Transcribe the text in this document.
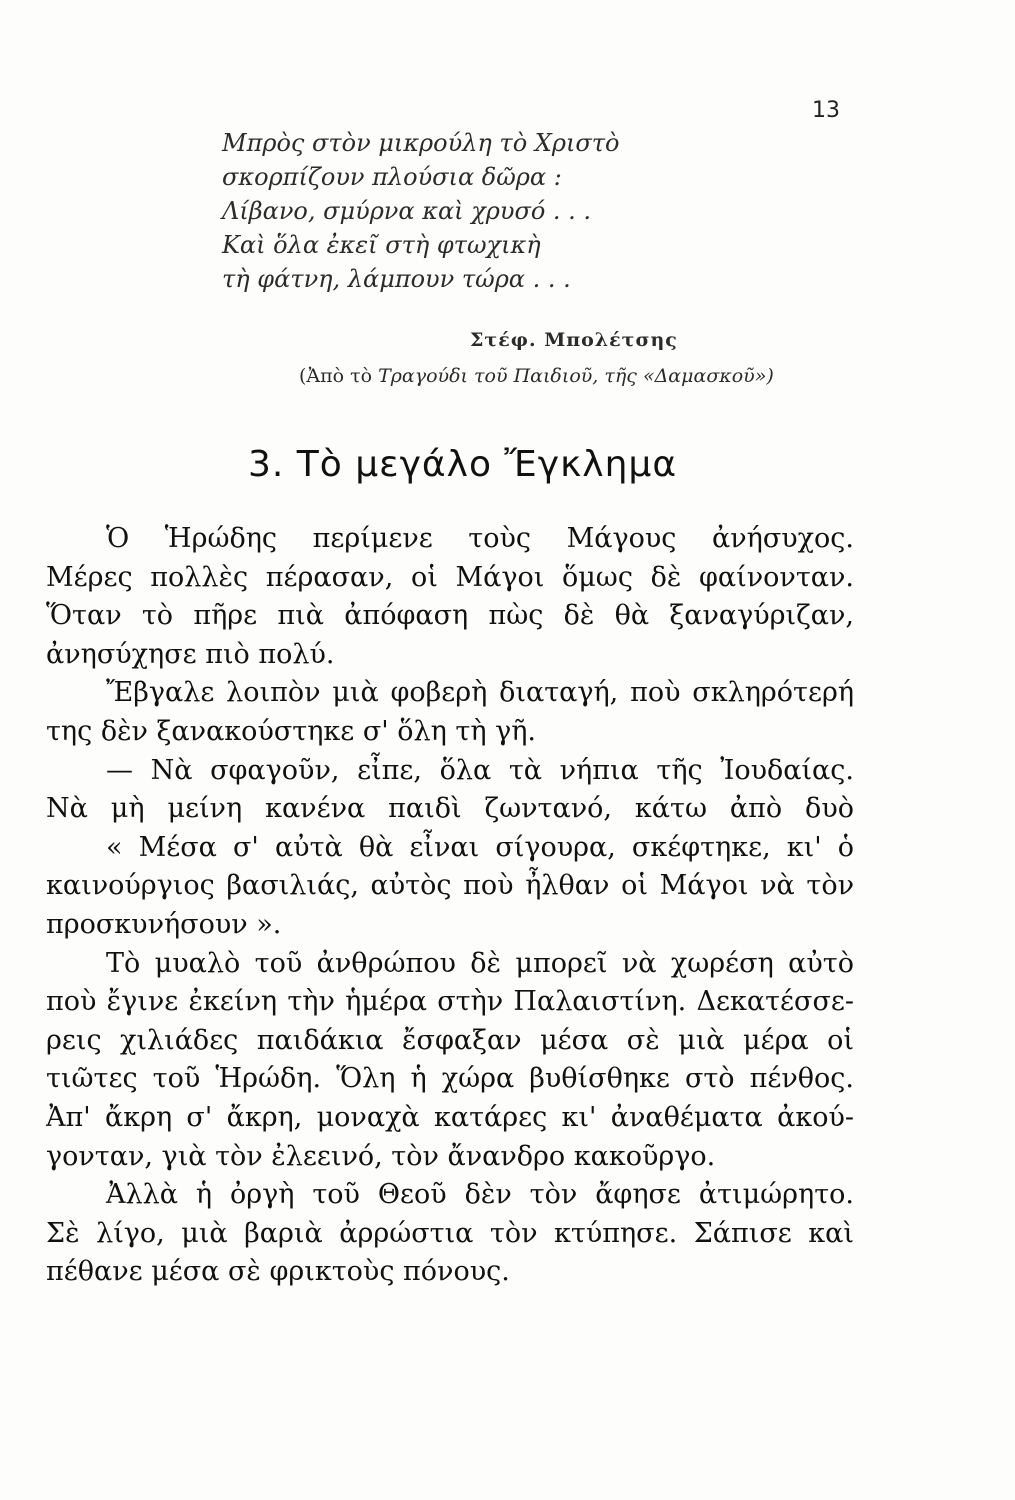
13
Μπρὸς στὸν μικρούλη τὸ Χριστὸ
σκορπίζουν πλούσια δῶρα :
Λίβανο, σμύρνα καὶ χρυσό . . .
Καὶ ὅλα ἐκεῖ στὴ φτωχικὴ
τὴ φάτνη, λάμπουν τώρα . . .
Στέφ. Μπολέτσης
(Ἀπὸ τὸ Τραγούδι τοῦ Παιδιοῦ, τῆς «Δαμασκοῦ»)
3. Τὸ μεγάλο Ἔγκλημα
Ὁ Ἡρώδης περίμενε τοὺς Μάγους ἀνήσυχος.
Μέρες πολλὲς πέρασαν, οἱ Μάγοι ὅμως δὲ φαίνονταν.
Ὅταν τὸ πῆρε πιὰ ἀπόφαση πὼς δὲ θὰ ξαναγύριζαν,
ἀνησύχησε πιὸ πολύ.
Ἔβγαλε λοιπὸν μιὰ φοβερὴ διαταγή, ποὺ σκληρότερή
της δὲν ξανακούστηκε σ' ὅλη τὴ γῆ.
— Νὰ σφαγοῦν, εἶπε, ὅλα τὰ νήπια τῆς Ἰουδαίας.
Νὰ μὴ μείνη κανένα παιδὶ ζωντανό, κάτω ἀπὸ δυὸ
« Μέσα σ' αὐτὰ θὰ εἶναι σίγουρα, σκέφτηκε, κι' ὁ
καινούργιος βασιλιάς, αὐτὸς ποὺ ἦλθαν οἱ Μάγοι νὰ τὸν
προσκυνήσουν ».
Τὸ μυαλὸ τοῦ ἀνθρώπου δὲ μπορεῖ νὰ χωρέση αὐτὸ
ποὺ ἔγινε ἐκείνη τὴν ἡμέρα στὴν Παλαιστίνη. Δεκατέσσε-
ρεις χιλιάδες παιδάκια ἔσφαξαν μέσα σὲ μιὰ μέρα οἱ
τιῶτες τοῦ Ἡρώδη. Ὅλη ἡ χώρα βυθίσθηκε στὸ πένθος.
Ἀπ' ἄκρη σ' ἄκρη, μοναχὰ κατάρες κι' ἀναθέματα ἀκού-
γονταν, γιὰ τὸν ἐλεεινό, τὸν ἄνανδρο κακοῦργο.
Ἀλλὰ ἡ ὀργὴ τοῦ Θεοῦ δὲν τὸν ἄφησε ἀτιμώρητο.
Σὲ λίγο, μιὰ βαριὰ ἀρρώστια τὸν κτύπησε. Σάπισε καὶ
πέθανε μέσα σὲ φρικτοὺς πόνους.
